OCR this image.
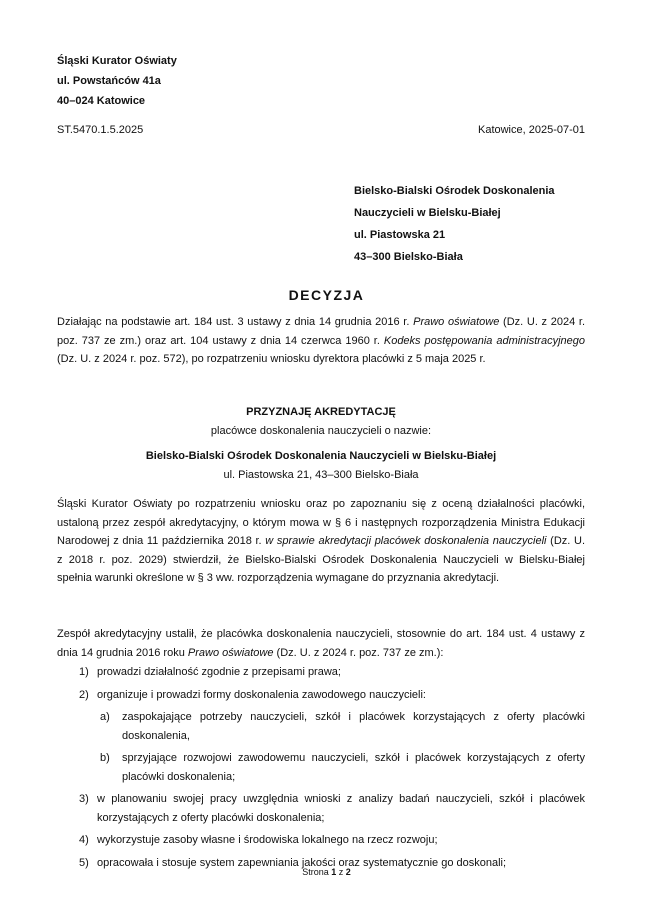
Śląski Kurator Oświaty
ul. Powstańców 41a
40–024 Katowice
ST.5470.1.5.2025	Katowice, 2025-07-01
Bielsko-Bialski Ośrodek Doskonalenia
Nauczycieli w Bielsku-Białej
ul. Piastowska 21
43–300 Bielsko-Biała
DECYZJA
Działając na podstawie art. 184 ust. 3 ustawy z dnia 14 grudnia 2016 r. Prawo oświatowe (Dz. U. z 2024 r. poz. 737 ze zm.) oraz art. 104 ustawy z dnia 14 czerwca 1960 r. Kodeks postępowania administracyjnego (Dz. U. z 2024 r. poz. 572), po rozpatrzeniu wniosku dyrektora placówki z 5 maja 2025 r.
PRZYZNAJĘ AKREDYTACJĘ
placówce doskonalenia nauczycieli o nazwie:
Bielsko-Bialski Ośrodek Doskonalenia Nauczycieli w Bielsku-Białej
ul. Piastowska 21, 43–300 Bielsko-Biała
Śląski Kurator Oświaty po rozpatrzeniu wniosku oraz po zapoznaniu się z oceną działalności placówki, ustaloną przez zespół akredytacyjny, o którym mowa w § 6 i następnych rozporządzenia Ministra Edukacji Narodowej z dnia 11 października 2018 r. w sprawie akredytacji placówek doskonalenia nauczycieli (Dz. U. z 2018 r. poz. 2029) stwierdził, że Bielsko-Bialski Ośrodek Doskonalenia Nauczycieli w Bielsku-Białej spełnia warunki określone w § 3 ww. rozporządzenia wymagane do przyznania akredytacji.
Zespół akredytacyjny ustalił, że placówka doskonalenia nauczycieli, stosownie do art. 184 ust. 4 ustawy z dnia 14 grudnia 2016 roku Prawo oświatowe (Dz. U. z 2024 r. poz. 737 ze zm.):
1) prowadzi działalność zgodnie z przepisami prawa;
2) organizuje i prowadzi formy doskonalenia zawodowego nauczycieli:
a) zaspokajające potrzeby nauczycieli, szkół i placówek korzystających z oferty placówki doskonalenia,
b) sprzyjające rozwojowi zawodowemu nauczycieli, szkół i placówek korzystających z oferty placówki doskonalenia;
3) w planowaniu swojej pracy uwzględnia wnioski z analizy badań nauczycieli, szkół i placówek korzystających z oferty placówki doskonalenia;
4) wykorzystuje zasoby własne i środowiska lokalnego na rzecz rozwoju;
5) opracowała i stosuje system zapewniania jakości oraz systematycznie go doskonali;
Strona 1 z 2
